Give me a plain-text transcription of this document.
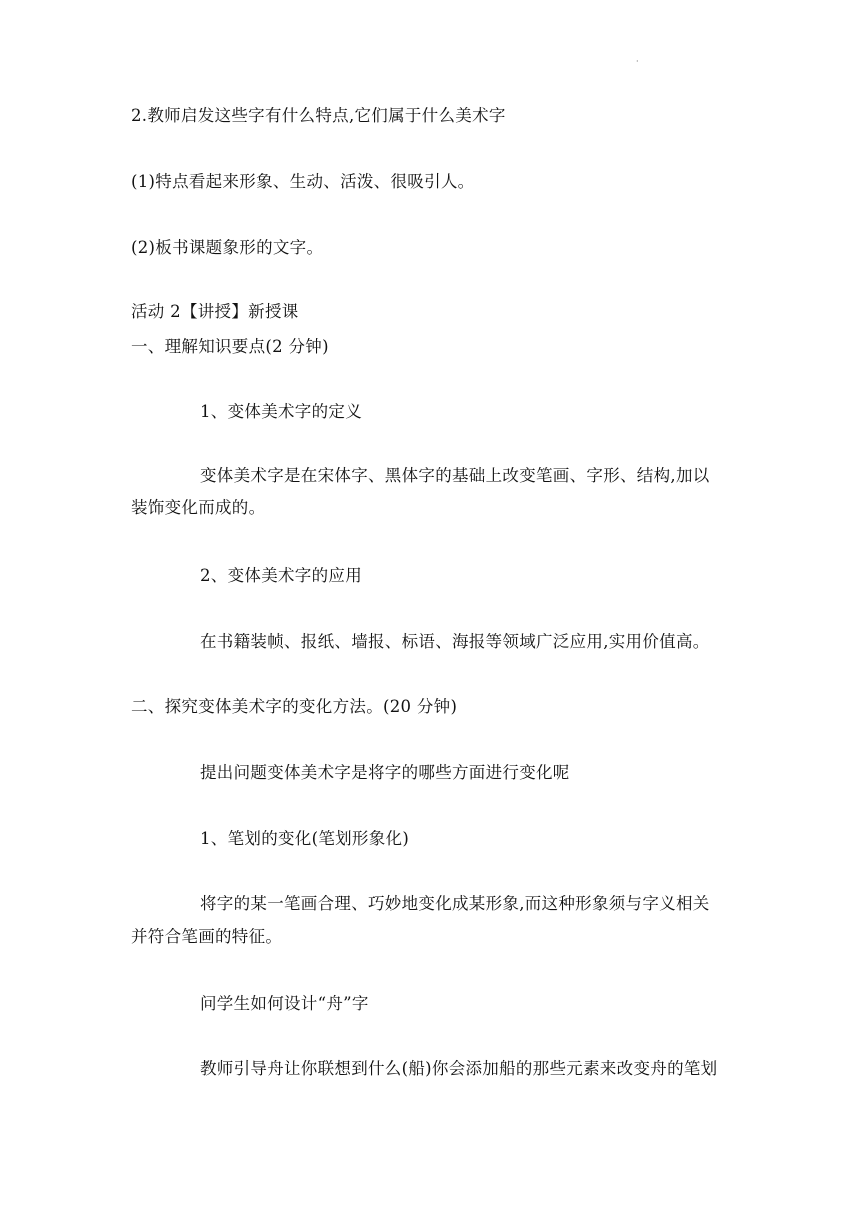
·
2.教师启发这些字有什么特点,它们属于什么美术字
(1)特点看起来形象、生动、活泼、很吸引人。
(2)板书课题象形的文字。
活动 2【讲授】新授课
一、理解知识要点(2 分钟)
1、变体美术字的定义
变体美术字是在宋体字、黑体字的基础上改变笔画、字形、结构,加以
装饰变化而成的。
2、变体美术字的应用
在书籍装帧、报纸、墙报、标语、海报等领域广泛应用,实用价值高。
二、探究变体美术字的变化方法。(20 分钟)
提出问题变体美术字是将字的哪些方面进行变化呢
1、笔划的变化(笔划形象化)
将字的某一笔画合理、巧妙地变化成某形象,而这种形象须与字义相关
并符合笔画的特征。
问学生如何设计“舟”字
教师引导舟让你联想到什么(船)你会添加船的那些元素来改变舟的笔划
